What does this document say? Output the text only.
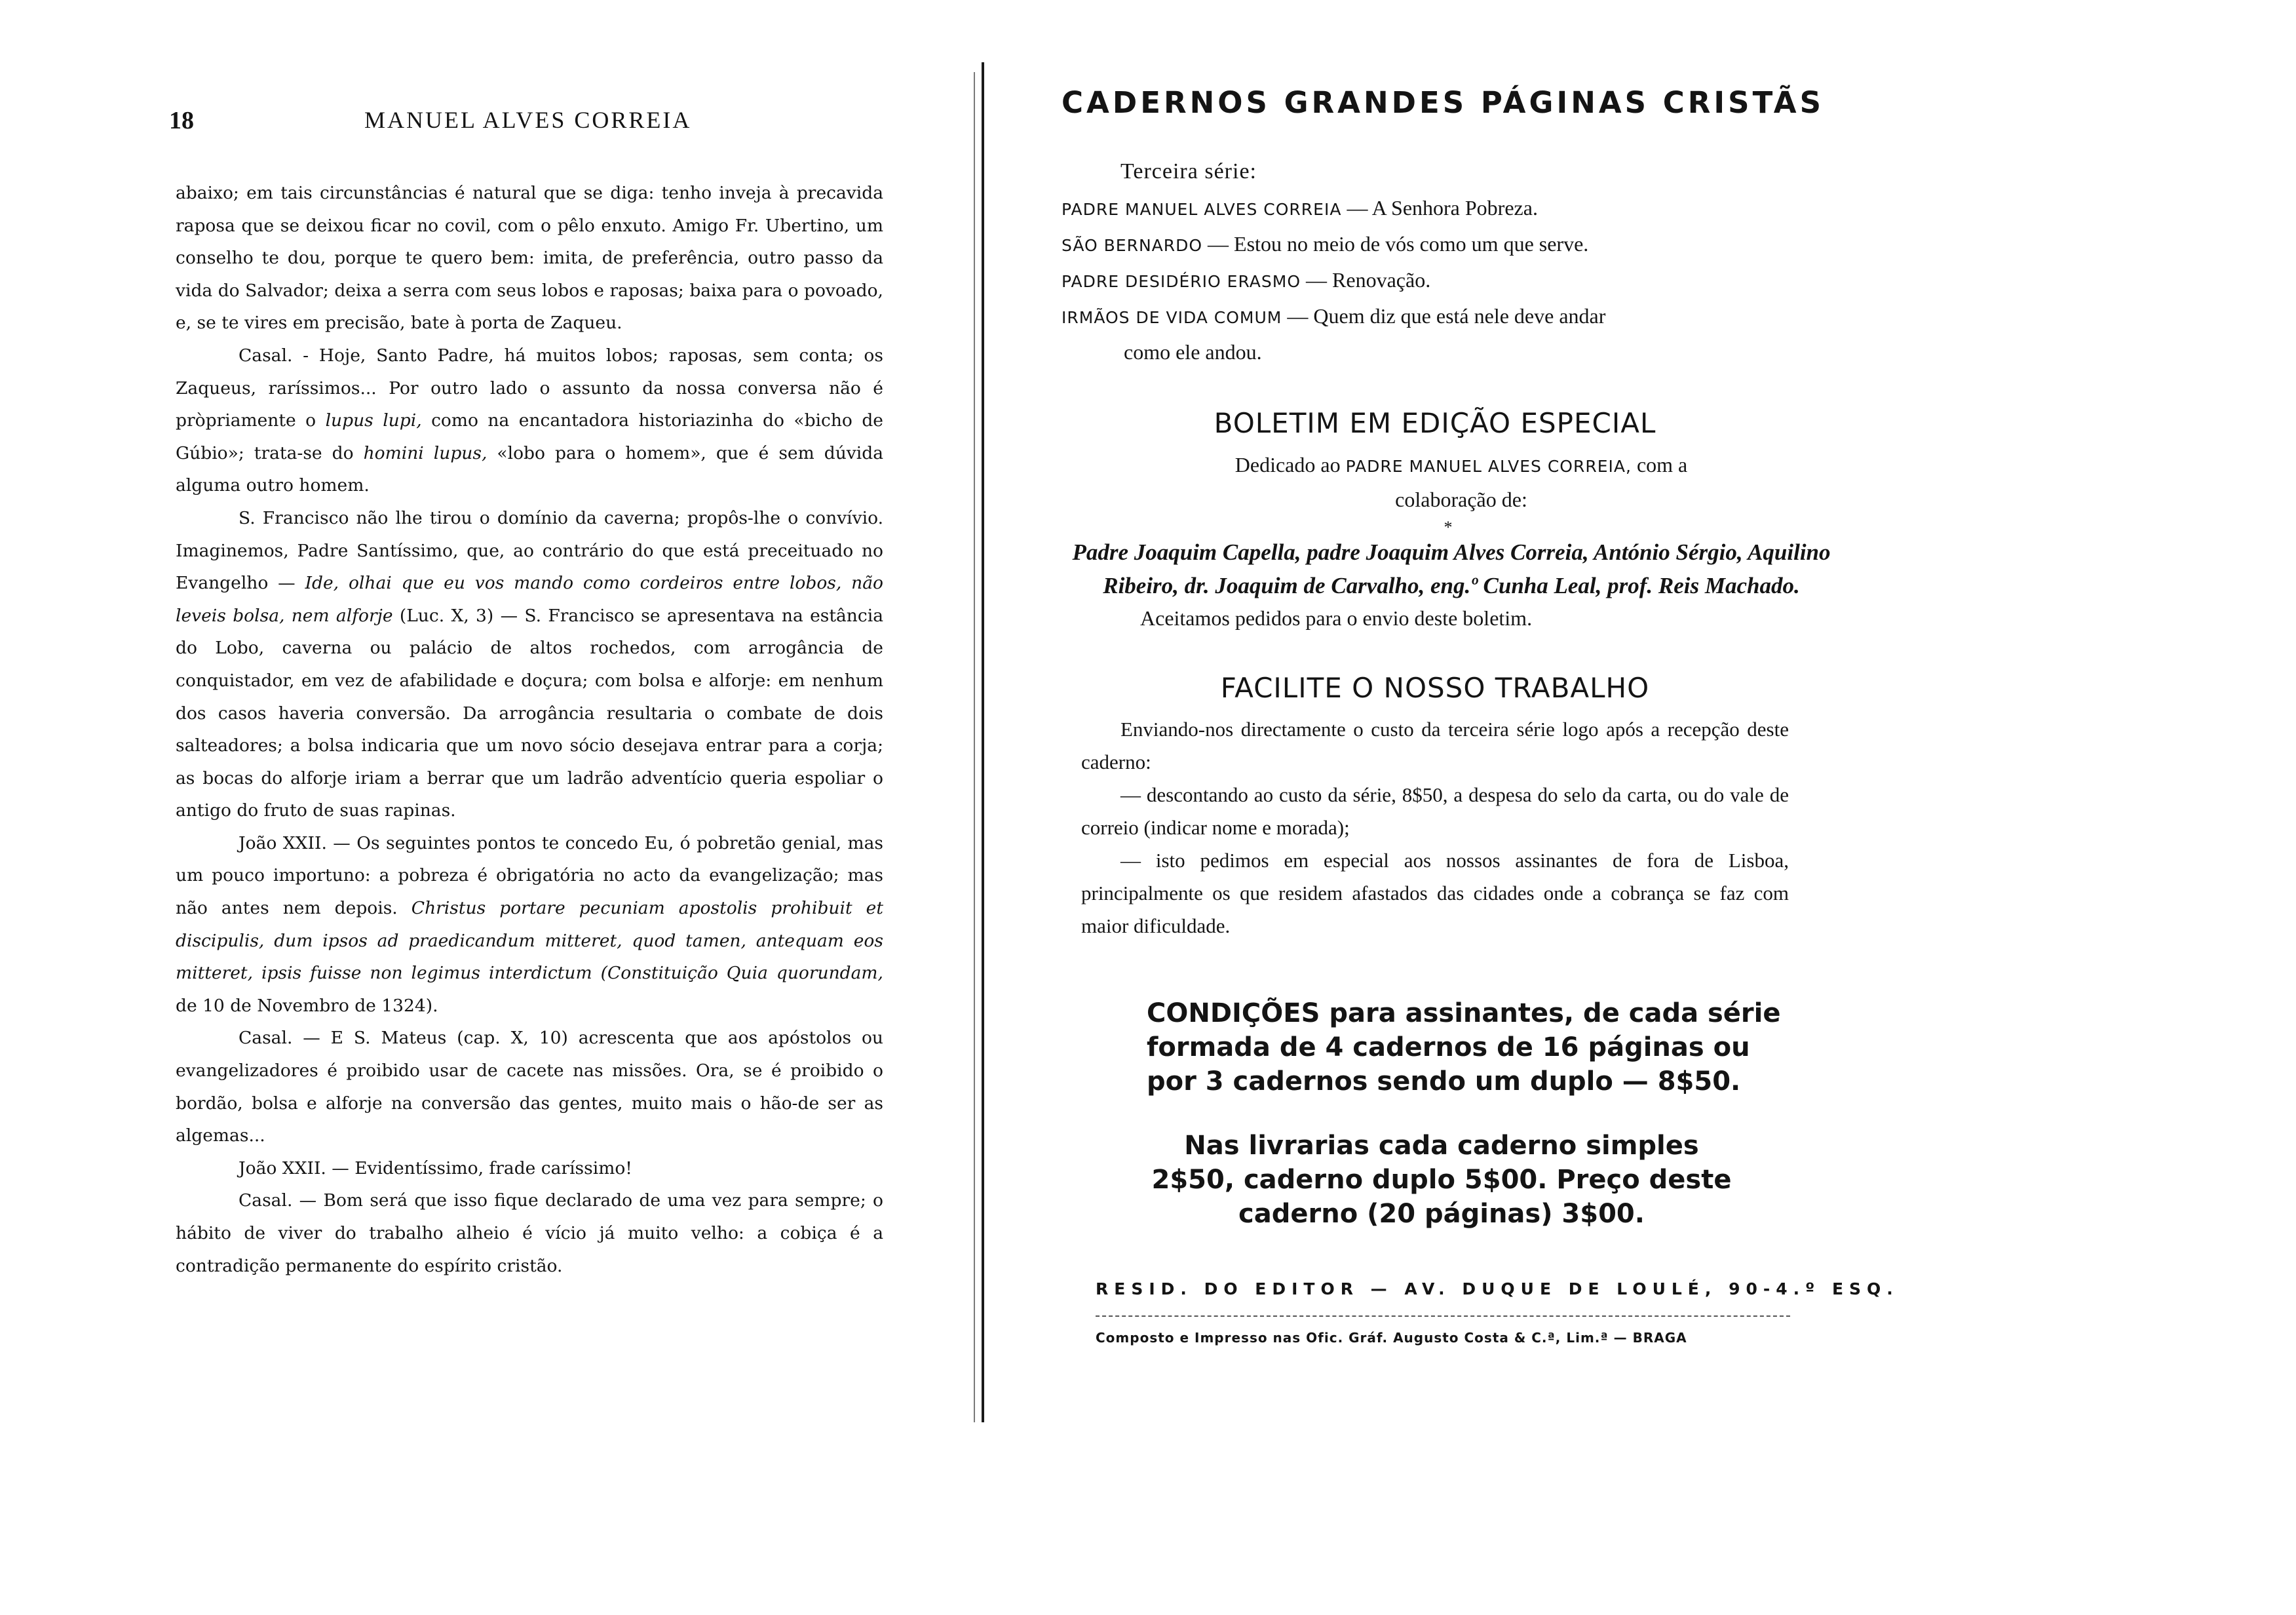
18	MANUEL ALVES CORREIA

abaixo; em tais circunstâncias é natural que se diga: tenho inveja à precavida raposa que se deixou ficar no covil, com o pêlo enxuto. Amigo Fr. Ubertino, um conselho te dou, porque te quero bem: imita, de preferência, outro passo da vida do Salvador; deixa a serra com seus lobos e raposas; baixa para o povoado, e, se te vires em precisão, bate à porta de Zaqueu.

Casal. - Hoje, Santo Padre, há muitos lobos; raposas, sem conta; os Zaqueus, raríssimos... Por outro lado o assunto da nossa conversa não é pròpriamente o lupus lupi, como na encantadora historiazinha do «bicho de Gúbio»; trata-se do homini lupus, «lobo para o homem», que é sem dúvida alguma outro homem.

S. Francisco não lhe tirou o domínio da caverna; propôs-lhe o convívio. Imaginemos, Padre Santíssimo, que, ao contrário do que está preceituado no Evangelho — Ide, olhai que eu vos mando como cordeiros entre lobos, não leveis bolsa, nem alforje (Luc. X, 3) — S. Francisco se apresentava na estância do Lobo, caverna ou palácio de altos rochedos, com arrogância de conquistador, em vez de afabilidade e doçura; com bolsa e alforje: em nenhum dos casos haveria conversão. Da arrogância resultaria o combate de dois salteadores; a bolsa indicaria que um novo sócio desejava entrar para a corja; as bocas do alforje iriam a berrar que um ladrão adventício queria espoliar o antigo do fruto de suas rapinas.

João XXII. — Os seguintes pontos te concedo Eu, ó pobretão genial, mas um pouco importuno: a pobreza é obrigatória no acto da evangelização; mas não antes nem depois. Christus portare pecuniam apostolis prohibuit et discipulis, dum ipsos ad praedicandum mitteret, quod tamen, antequam eos mitteret, ipsis fuisse non legimus interdictum (Constituição Quia quorundam, de 10 de Novembro de 1324).

Casal. — E S. Mateus (cap. X, 10) acrescenta que aos apóstolos ou evangelizadores é proibido usar de cacete nas missões. Ora, se é proibido o bordão, bolsa e alforje na conversão das gentes, muito mais o hão-de ser as algemas...

João XXII. — Evidentíssimo, frade caríssimo!

Casal. — Bom será que isso fique declarado de uma vez para sempre; o hábito de viver do trabalho alheio é vício já muito velho: a cobiça é a contradição permanente do espírito cristão.

CADERNOS GRANDES PÁGINAS CRISTÃS
Terceira série:

PADRE MANUEL ALVES CORREIA — A Senhora Pobreza.

SÃO BERNARDO — Estou no meio de vós como um que serve.

PADRE DESIDÉRIO ERASMO — Renovação.

IRMÃOS DE VIDA COMUM — Quem diz que está nele deve andar

como ele andou.

BOLETIM EM EDIÇÃO ESPECIAL
Dedicado ao PADRE MANUEL ALVES CORREIA, com a
colaboração de:
*
Padre Joaquim Capella, padre Joaquim Alves Correia, António Sérgio, Aquilino Ribeiro, dr. Joaquim de Carvalho, eng.º Cunha Leal, prof. Reis Machado.
Aceitamos pedidos para o envio deste boletim.
FACILITE O NOSSO TRABALHO

Enviando-nos directamente o custo da terceira série logo após a recepção deste caderno:

— descontando ao custo da série, 8$50, a despesa do selo da carta, ou do vale de correio (indicar nome e morada);

— isto pedimos em especial aos nossos assinantes de fora de Lisboa, principalmente os que residem afastados das cidades onde a cobrança se faz com maior dificuldade.

CONDIÇÕES para assinantes, de cada série formada de 4 cadernos de 16 páginas ou por 3 cadernos sendo um duplo — 8$50.

Nas livrarias cada caderno simples 2$50, caderno duplo 5$00. Preço deste caderno (20 páginas) 3$00.

RESID. DO EDITOR — AV. DUQUE DE LOULÉ, 90-4.º ESQ.
Composto e Impresso nas Ofic. Gráf. Augusto Costa & C.ª, Lim.ª — BRAGA
